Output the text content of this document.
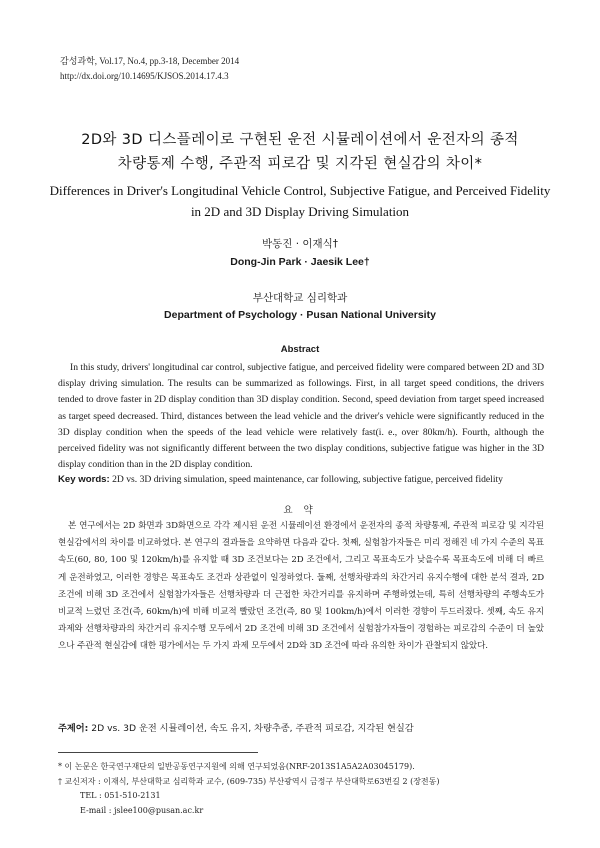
감성과학, Vol.17, No.4, pp.3-18, December 2014
http://dx.doi.org/10.14695/KJSOS.2014.17.4.3
2D와 3D 디스플레이로 구현된 운전 시뮬레이션에서 운전자의 종적
차량통제 수행, 주관적 피로감 및 지각된 현실감의 차이*
Differences in Driver's Longitudinal Vehicle Control, Subjective Fatigue, and Perceived Fidelity
in 2D and 3D Display Driving Simulation
박동진 · 이재식†
Dong-Jin Park · Jaesik Lee†
부산대학교 심리학과
Department of Psychology · Pusan National University
Abstract

In this study, drivers' longitudinal car control, subjective fatigue, and perceived fidelity were compared between 2D and 3D display driving simulation. The results can be summarized as followings. First, in all target speed conditions, the drivers tended to drove faster in 2D display condition than 3D display condition. Second, speed deviation from target speed increased as target speed decreased. Third, distances between the lead vehicle and the driver's vehicle were significantly reduced in the 3D display condition when the speeds of the lead vehicle were relatively fast(i. e., over 80km/h). Fourth, although the perceived fidelity was not significantly different between the two display conditions, subjective fatigue was higher in the 3D display condition than in the 2D display condition.

Key words: 2D vs. 3D driving simulation, speed maintenance, car following, subjective fatigue, perceived fidelity
요 약

본 연구에서는 2D 화면과 3D화면으로 각각 제시된 운전 시뮬레이션 환경에서 운전자의 종적 차량통제, 주관적 피로감 및 지각된 현실감에서의 차이를 비교하였다. 본 연구의 결과들을 요약하면 다음과 같다. 첫째, 실험참가자들은 미리 정해진 네 가지 수준의 목표속도(60, 80, 100 및 120km/h)를 유지할 때 3D 조건보다는 2D 조건에서, 그리고 목표속도가 낮을수록 목표속도에 비해 더 빠르게 운전하였고, 이러한 경향은 목표속도 조건과 상관없이 일정하였다. 둘째, 선행차량과의 차간거리 유지수행에 대한 분석 결과, 2D 조건에 비해 3D 조건에서 실험참가자들은 선행차량과 더 근접한 차간거리를 유지하며 주행하였는데, 특히 선행차량의 주행속도가 비교적 느렸던 조건(즉, 60km/h)에 비해 비교적 빨랐던 조건(즉, 80 및 100km/h)에서 이러한 경향이 두드러졌다. 셋째, 속도 유지과제와 선행차량과의 차간거리 유지수행 모두에서 2D 조건에 비해 3D 조건에서 실험참가자들이 경험하는 피로감의 수준이 더 높았으나 주관적 현실감에 대한 평가에서는 두 가지 과제 모두에서 2D와 3D 조건에 따라 유의한 차이가 관찰되지 않았다.

주제어: 2D vs. 3D 운전 시뮬레이션, 속도 유지, 차량추종, 주관적 피로감, 지각된 현실감
* 이 논문은 한국연구재단의 일반공동연구지원에 의해 연구되었음(NRF-2013S1A5A2A03045179).
† 교신저자 : 이재식, 부산대학교 심리학과 교수, (609-735) 부산광역시 금정구 부산대학로63번길 2 (장전동)
TEL : 051-510-2131
E-mail : jslee100@pusan.ac.kr
